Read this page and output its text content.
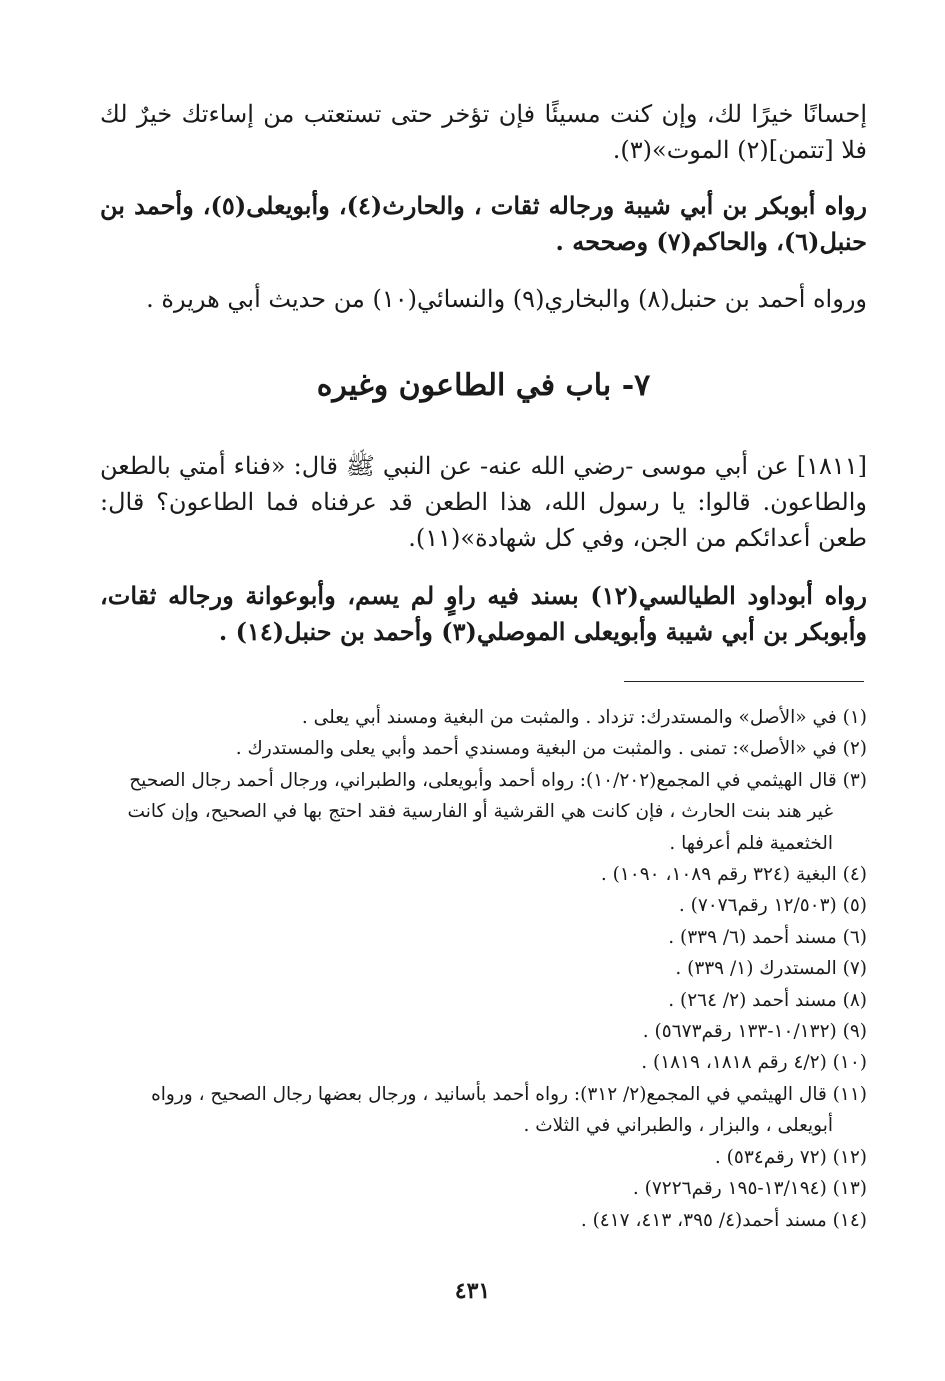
إحسانًا خيرًا لك، وإن كنت مسيئًا فإن تؤخر حتى تستعتب من إساءتك خيرٌ لك فلا [تتمن](٢) الموت»(٣).
رواه أبوبكر بن أبي شيبة ورجاله ثقات ، والحارث(٤)، وأبويعلى(٥)، وأحمد بن حنبل(٦)، والحاكم(٧) وصححه .
ورواه أحمد بن حنبل(٨) والبخاري(٩) والنسائي(١٠) من حديث أبي هريرة .
٧- باب في الطاعون وغيره
[١٨١١] عن أبي موسى -رضي الله عنه- عن النبي ﷺ قال: «فناء أمتي بالطعن والطاعون. قالوا: يا رسول الله، هذا الطعن قد عرفناه فما الطاعون؟ قال: طعن أعدائكم من الجن، وفي كل شهادة»(١١).
رواه أبوداود الطيالسي(١٢) بسند فيه راوٍ لم يسم، وأبوعوانة ورجاله ثقات، وأبوبكر بن أبي شيبة وأبويعلى الموصلي(٣) وأحمد بن حنبل(١٤) .
(١) في «الأصل» والمستدرك: تزداد . والمثبت من البغية ومسند أبي يعلى .
(٢) في «الأصل»: تمنى . والمثبت من البغية ومسندي أحمد وأبي يعلى والمستدرك .
(٣) قال الهيثمي في المجمع(١٠/٢٠٢): رواه أحمد وأبويعلى، والطبراني، ورجال أحمد رجال الصحيح
غير هند بنت الحارث ، فإن كانت هي القرشية أو الفارسية فقد احتج بها في الصحيح، وإن كانت الخثعمية فلم أعرفها .
(٤) البغية (٣٢٤ رقم ١٠٨٩، ١٠٩٠) .
(٥) (١٢/٥٠٣ رقم٧٠٧٦) .
(٦) مسند أحمد (٦/ ٣٣٩) .
(٧) المستدرك (١/ ٣٣٩) .
(٨) مسند أحمد (٢/ ٢٦٤) .
(٩) (١٠/١٣٢-١٣٣ رقم٥٦٧٣) .
(١٠) (٤/٢ رقم ١٨١٨، ١٨١٩) .
(١١) قال الهيثمي في المجمع(٢/ ٣١٢): رواه أحمد بأسانيد ، ورجال بعضها رجال الصحيح ، ورواه
أبويعلى ، والبزار ، والطبراني في الثلاث .
(١٢) (٧٢ رقم٥٣٤) .
(١٣) (١٣/١٩٤-١٩٥ رقم٧٢٢٦) .
(١٤) مسند أحمد(٤/ ٣٩٥، ٤١٣، ٤١٧) .
٤٣١
